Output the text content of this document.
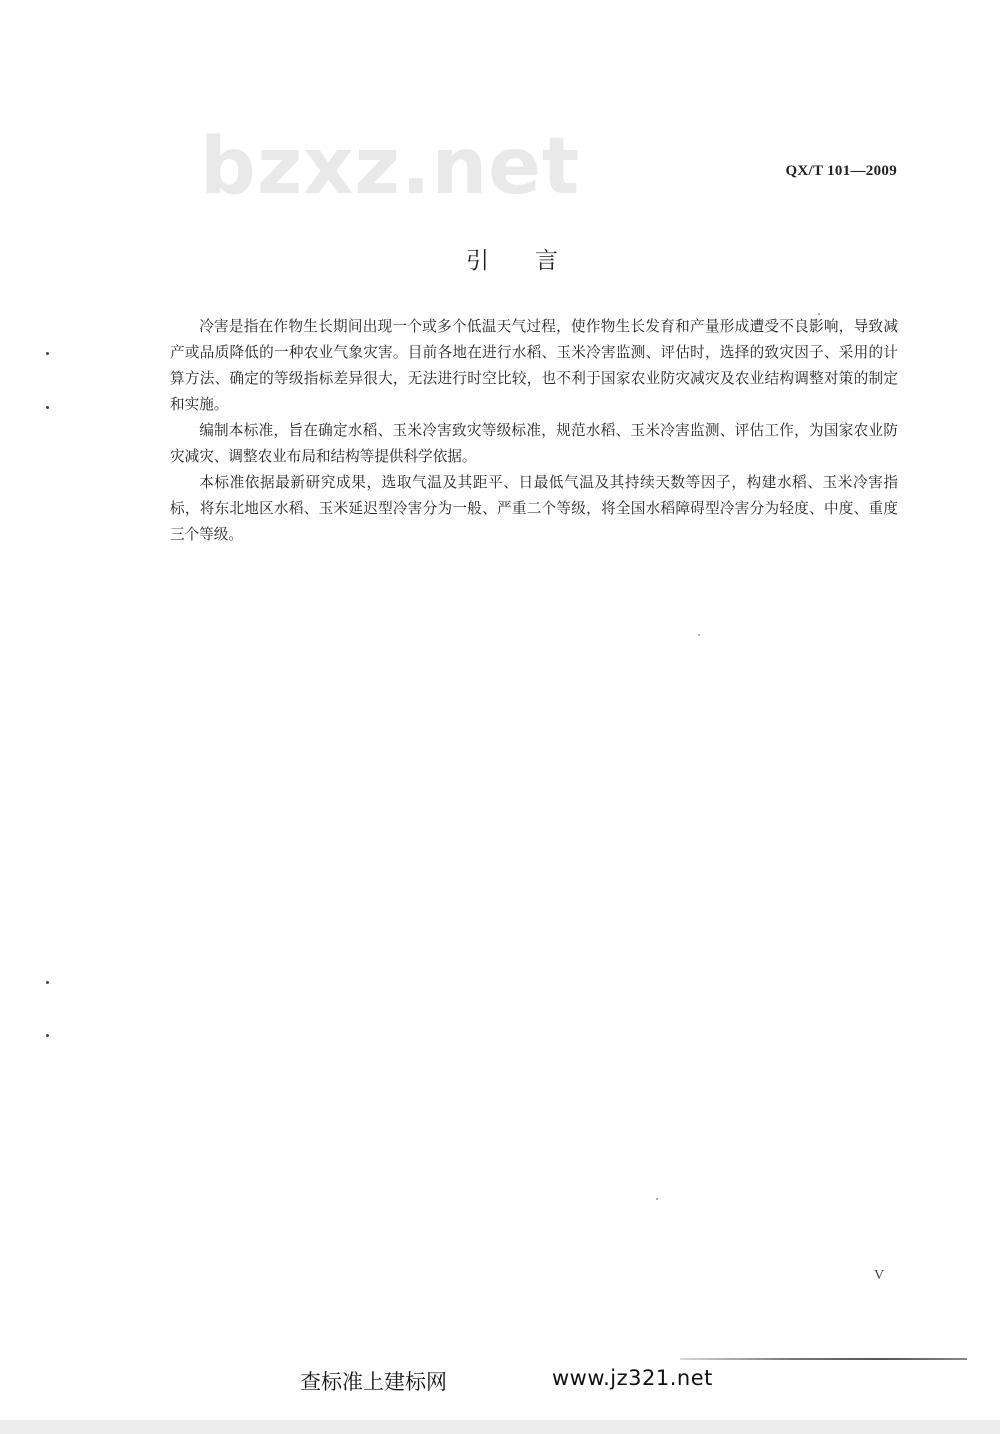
bzxz.net	QX/T 101—2009
引言

冷害是指在作物生长期间出现一个或多个低温天气过程，使作物生长发育和产量形成遭受不良影响，导致减产或品质降低的一种农业气象灾害。目前各地在进行水稻、玉米冷害监测、评估时，选择的致灾因子、采用的计算方法、确定的等级指标差异很大，无法进行时空比较，也不利于国家农业防灾减灾及农业结构调整对策的制定和实施。

编制本标准，旨在确定水稻、玉米冷害致灾等级标准，规范水稻、玉米冷害监测、评估工作，为国家农业防灾减灾、调整农业布局和结构等提供科学依据。

本标准依据最新研究成果，选取气温及其距平、日最低气温及其持续天数等因子，构建水稻、玉米冷害指标，将东北地区水稻、玉米延迟型冷害分为一般、严重二个等级，将全国水稻障碍型冷害分为轻度、中度、重度三个等级。

V
查标准上建标网	www.jz321.net
